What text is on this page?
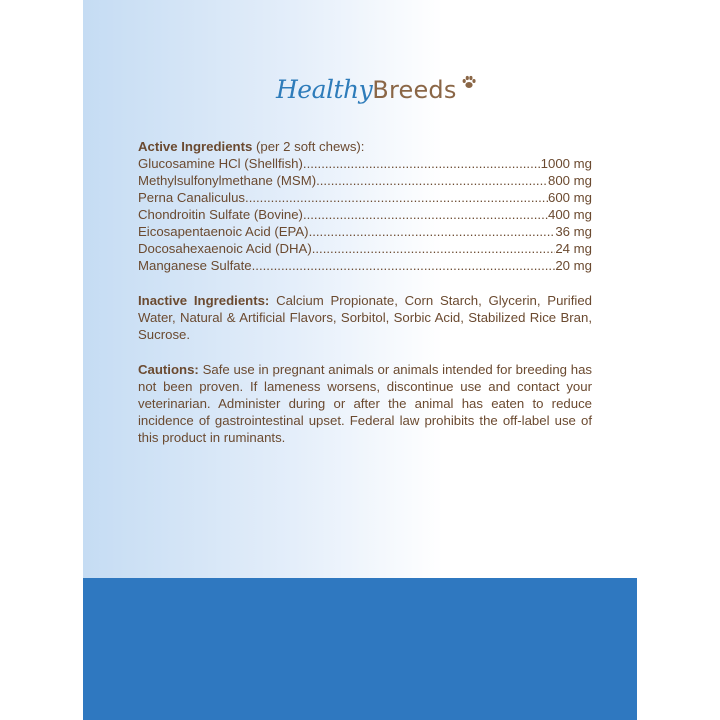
Healthy Breeds

Active Ingredients (per 2 soft chews):

Glucosamine HCl (Shellfish) .....	1000 mg
Methylsulfonylmethane (MSM) .....	800 mg
Perna Canaliculus .....	600 mg
Chondroitin Sulfate (Bovine) .....	400 mg
Eicosapentaenoic Acid (EPA) .....	36 mg
Docosahexaenoic Acid (DHA) .....	24 mg
Manganese Sulfate .....	20 mg

Inactive Ingredients: Calcium Propionate, Corn Starch, Glycerin, Purified Water, Natural & Artificial Flavors, Sorbitol, Sorbic Acid, Stabilized Rice Bran, Sucrose.

Cautions: Safe use in pregnant animals or animals intended for breeding has not been proven. If lameness worsens, discontinue use and contact your veterinarian. Administer during or after the animal has eaten to reduce incidence of gastrointestinal upset. Federal law prohibits the off-label use of this product in ruminants.
